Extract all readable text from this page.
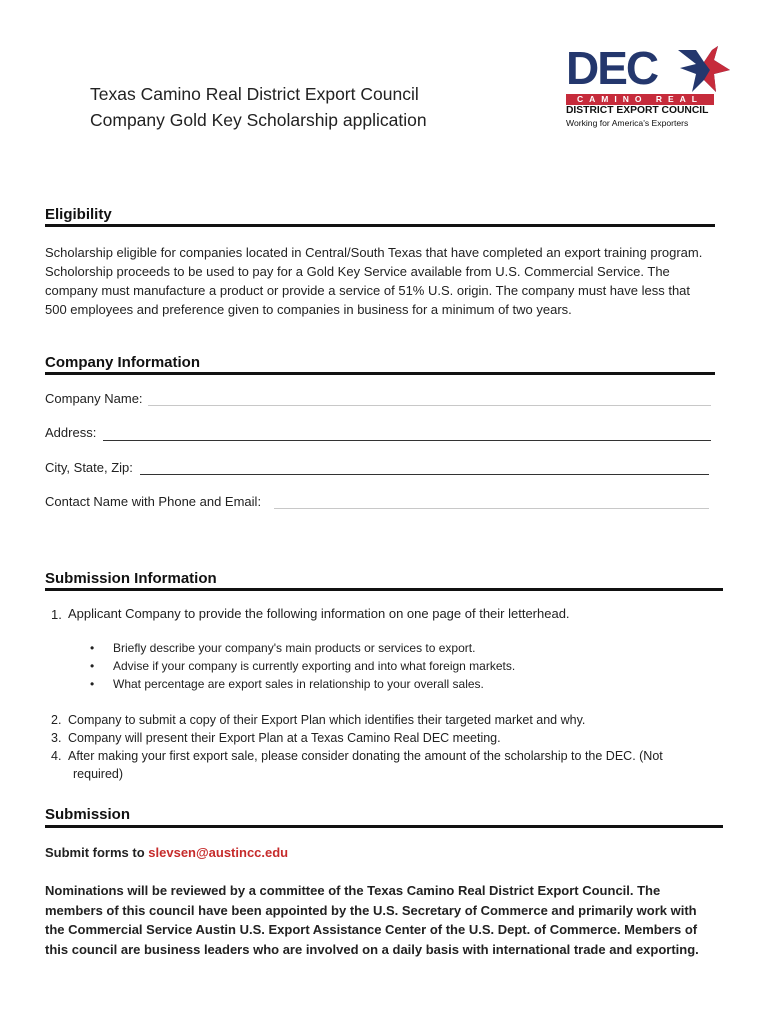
Texas Camino Real District Export Council
Company Gold Key Scholarship application
DEC
CAMINO REAL
DISTRICT EXPORT COUNCIL
Working for America's Exporters
Eligibility
Scholarship eligible for companies located in Central/South Texas that have completed an export training program. Scholorship proceeds to be used to pay for a Gold Key Service available from U.S. Commercial Service. The company must manufacture a product or provide a service of 51% U.S. origin. The company must have less that 500 employees and preference given to companies in business for a minimum of two years.
Company Information
Company Name:
Address:
City, State, Zip:
Contact Name with Phone and Email:
Submission Information
1. Applicant Company to provide the following information on one page of their letterhead.
• Briefly describe your company's main products or services to export.
• Advise if your company is currently exporting and into what foreign markets.
• What percentage are export sales in relationship to your overall sales.
2. Company to submit a copy of their Export Plan which identifies their targeted market and why.
3. Company will present their Export Plan at a Texas Camino Real DEC meeting.
4. After making your first export sale, please consider donating the amount of the scholarship to the DEC. (Not
required)
Submission
Submit forms to slevsen@austincc.edu
Nominations will be reviewed by a committee of the Texas Camino Real District Export Council. The members of this council have been appointed by the U.S. Secretary of Commerce and primarily work with the Commercial Service Austin U.S. Export Assistance Center of the U.S. Dept. of Commerce. Members of this council are business leaders who are involved on a daily basis with international trade and exporting.
